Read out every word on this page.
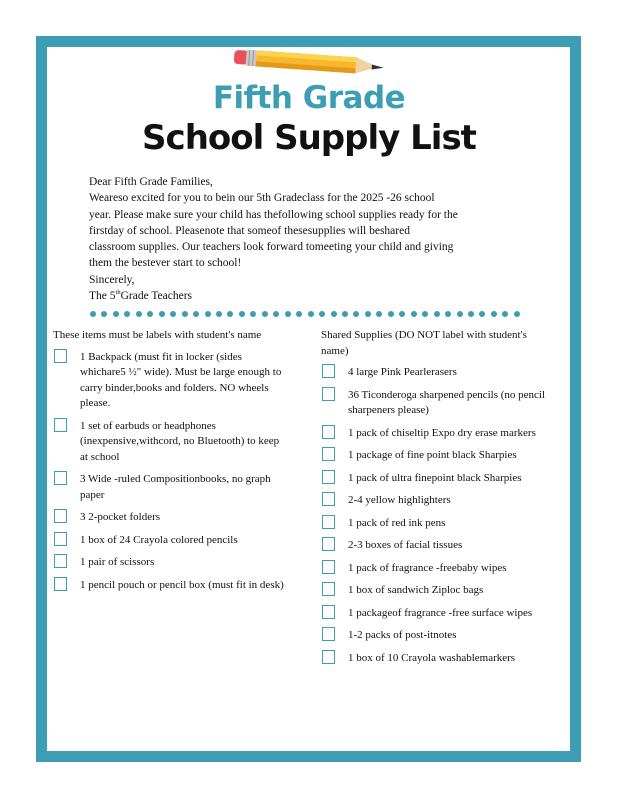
Fifth Grade
School Supply List

Dear Fifth Grade Families,

Weareso excited for you to bein our 5th Gradeclass for the 2025 -26 school

year. Please make sure your child has thefollowing school supplies ready for the

firstday of school. Pleasenote that someof thesesupplies will beshared

classroom supplies. Our teachers look forward tomeeting your child and giving

them the bestever start to school!

Sincerely,

The 5thGrade Teachers

These items must be labels with student's name
1 Backpack (must fit in locker (sides whichare5 ½" wide). Must be large enough to carry binder,books and folders. NO wheels please.
1 set of earbuds or headphones (inexpensive,withcord, no Bluetooth) to keep at school
3 Wide -ruled Compositionbooks, no graph paper
3 2-pocket folders
1 box of 24 Crayola colored pencils
1 pair of scissors
1 pencil pouch or pencil box (must fit in desk)
Shared Supplies (DO NOT label with student's name)
4 large Pink Pearlerasers
36 Ticonderoga sharpened pencils (no pencil sharpeners please)
1 pack of chiseltip Expo dry erase markers
1 package of fine point black Sharpies
1 pack of ultra finepoint black Sharpies
2-4 yellow highlighters
1 pack of red ink pens
2-3 boxes of facial tissues
1 pack of fragrance -freebaby wipes
1 box of sandwich Ziploc bags
1 packageof fragrance -free surface wipes
1-2 packs of post-itnotes
1 box of 10 Crayola washablemarkers
